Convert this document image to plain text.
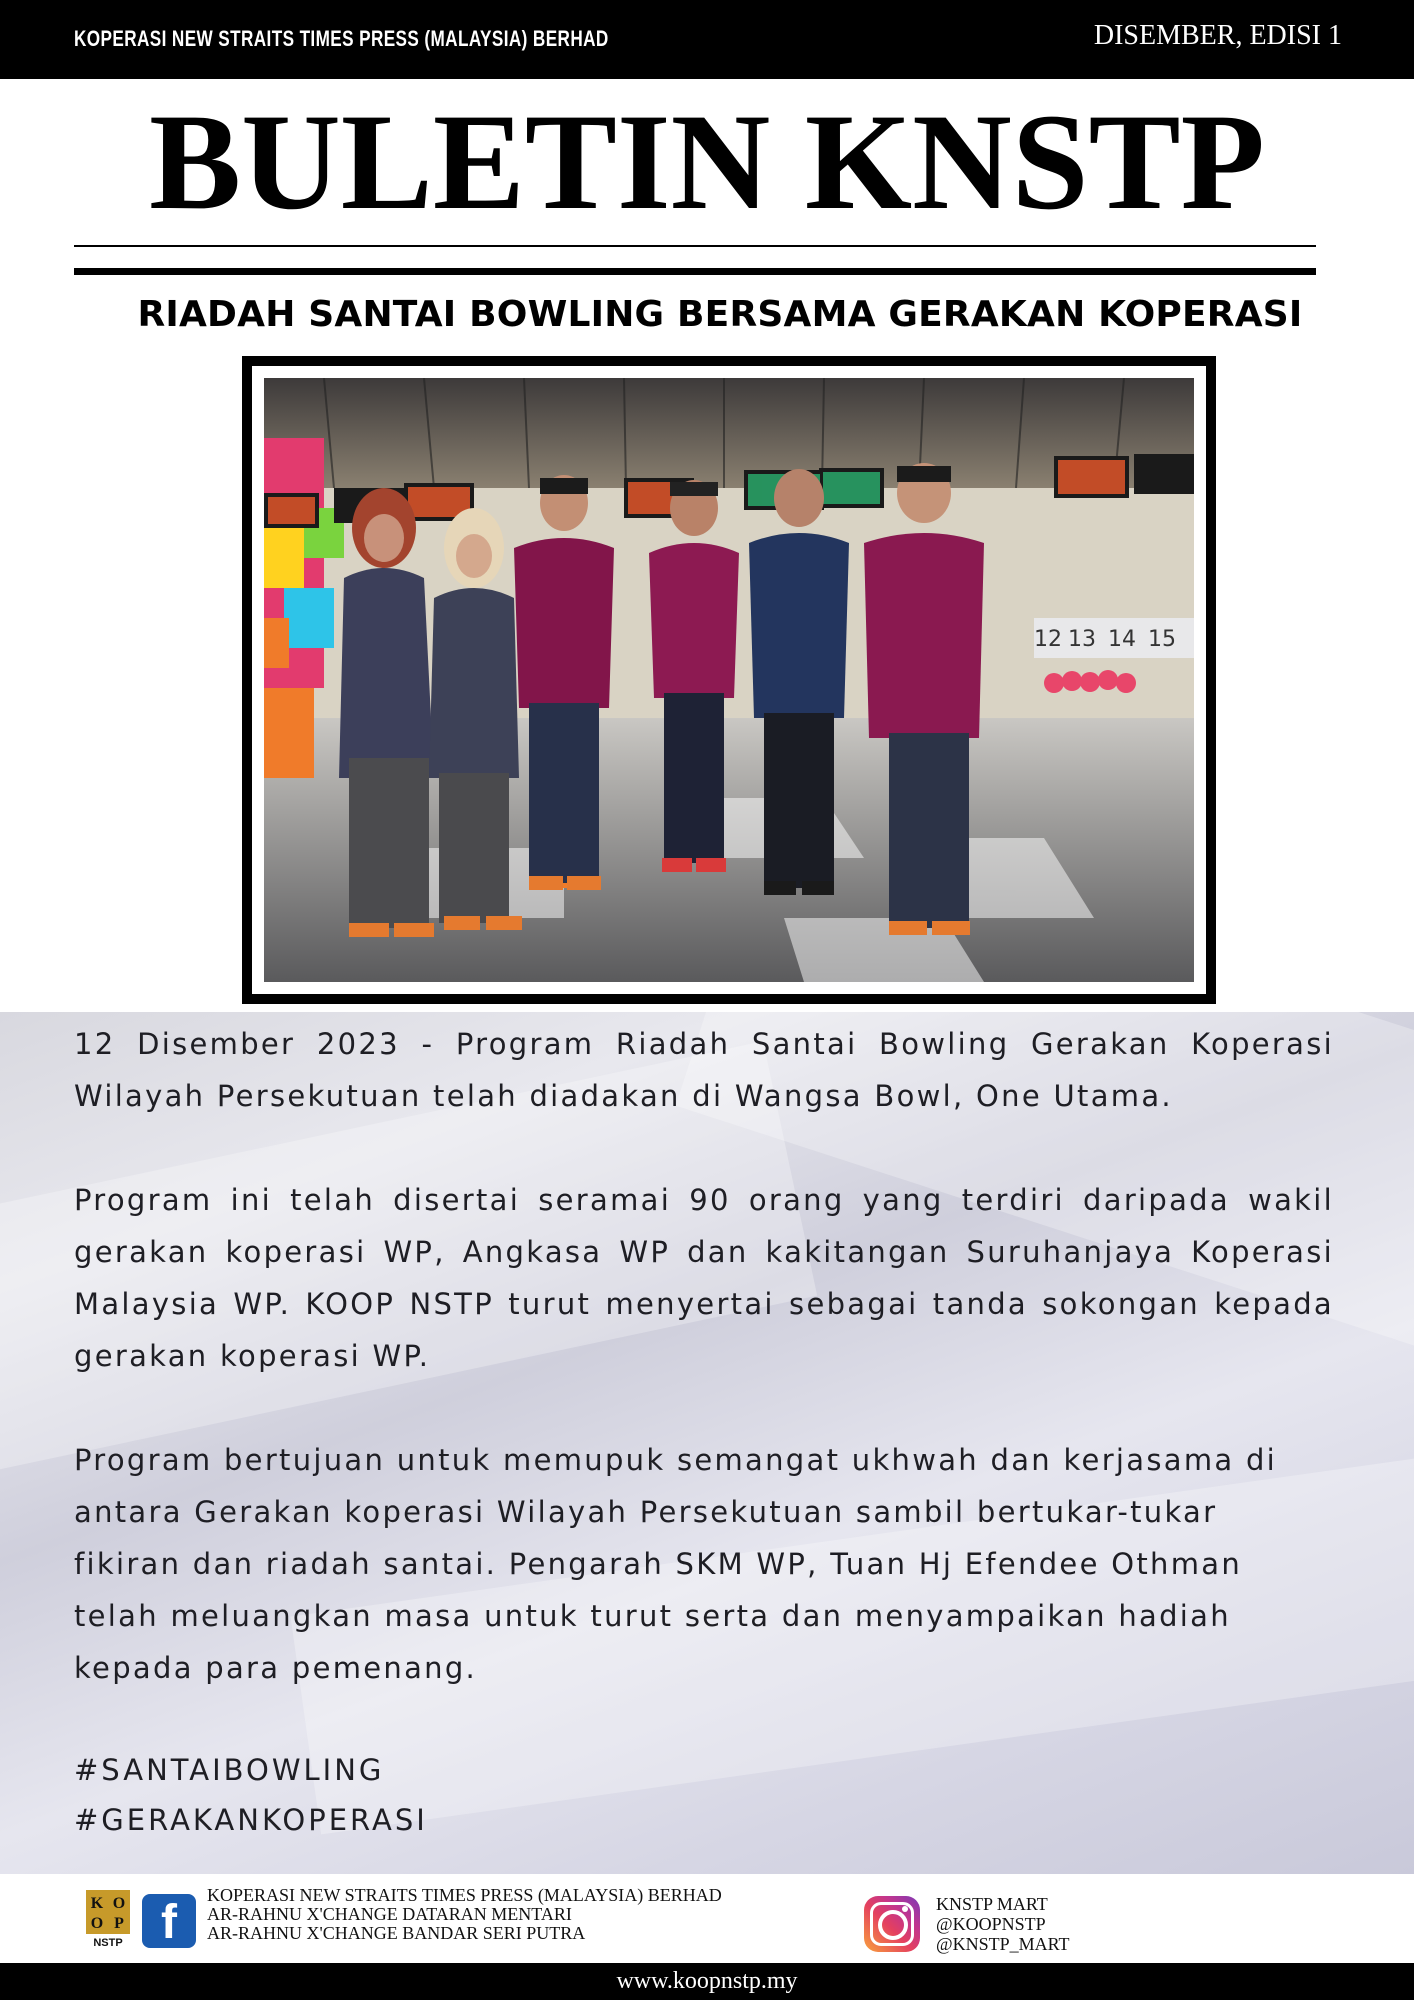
KOPERASI NEW STRAITS TIMES PRESS (MALAYSIA) BERHAD	DISEMBER, EDISI 1
BULETIN KNSTP
RIADAH SANTAI BOWLING BERSAMA GERAKAN KOPERASI
12 13 14 15

12 Disember 2023 - Program Riadah Santai Bowling Gerakan Koperasi Wilayah Persekutuan telah diadakan di Wangsa Bowl, One Utama.

Program ini telah disertai seramai 90 orang yang terdiri daripada wakil gerakan koperasi WP, Angkasa WP dan kakitangan Suruhanjaya Koperasi Malaysia WP. KOOP NSTP turut menyertai sebagai tanda sokongan kepada gerakan koperasi WP.

Program bertujuan untuk memupuk semangat ukhwah dan kerjasama di antara Gerakan koperasi Wilayah Persekutuan sambil bertukar-tukar fikiran dan riadah santai. Pengarah SKM WP, Tuan Hj Efendee Othman telah meluangkan masa untuk turut serta dan menyampaikan hadiah kepada para pemenang.

#SANTAIBOWLING
#GERAKANKOPERASI
K O
O P
NSTP f
KOPERASI NEW STRAITS TIMES PRESS (MALAYSIA) BERHAD
AR-RAHNU X'CHANGE DATARAN MENTARI
AR-RAHNU X'CHANGE BANDAR SERI PUTRA
KNSTP MART
@KOOPNSTP
@KNSTP_MART
www.koopnstp.my
